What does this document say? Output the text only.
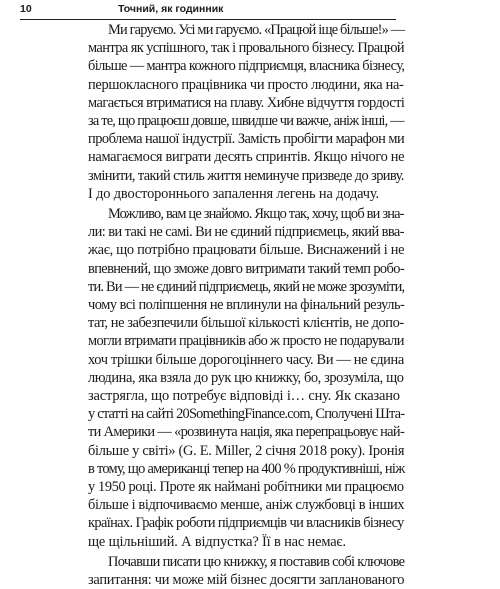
10	Точний, як годинник
Ми гаруємо. Усі ми гаруємо. «Працюй іще більше!» —
мантра як успішного, так і провального бізнесу. Працюй
більше — мантра кожного підприємця, власника бізнесу,
першокласного працівника чи просто людини, яка на-
магається втриматися на плаву. Хибне відчуття гордості
за те, що працюєш довше, швидше чи важче, аніж інші, —
проблема нашої індустрії. Замість пробігти марафон ми
намагаємося виграти десять спринтів. Якщо нічого не
змінити, такий стиль життя неминуче призведе до зриву.
І до двостороннього запалення легень на додачу.
Можливо, вам це знайомо. Якщо так, хочу, щоб ви зна-
ли: ви такі не самі. Ви не єдиний підприємець, який вва-
жає, що потрібно працювати більше. Виснажений і не
впевнений, що зможе довго витримати такий темп робо-
ти. Ви — не єдиний підприємець, який не може зрозуміти,
чому всі поліпшення не вплинули на фінальний резуль-
тат, не забезпечили більшої кількості клієнтів, не допо-
могли втримати працівників або ж просто не подарували
хоч трішки більше дорогоціннего часу. Ви — не єдина
людина, яка взяла до рук цю книжку, бо, зрозуміла, що
застрягла, що потребує відповіді і… сну. Як сказано
у статті на сайті 20SomethingFinance.com, Сполучені Шта-
ти Америки — «розвинута нація, яка перепрацьовує най-
більше у світі» (G. E. Miller, 2 січня 2018 року). Іронія
в тому, що американці тепер на 400 % продуктивніші, ніж
у 1950 році. Проте як наймані робітники ми працюємо
більше і відпочиваємо менше, аніж службовці в інших
країнах. Графік роботи підприємців чи власників бізнесу
ще щільніший. А відпустка? Її в нас немає.
Почавши писати цю книжку, я поставив собі ключове
запитання: чи може мій бізнес досягти запланованого
